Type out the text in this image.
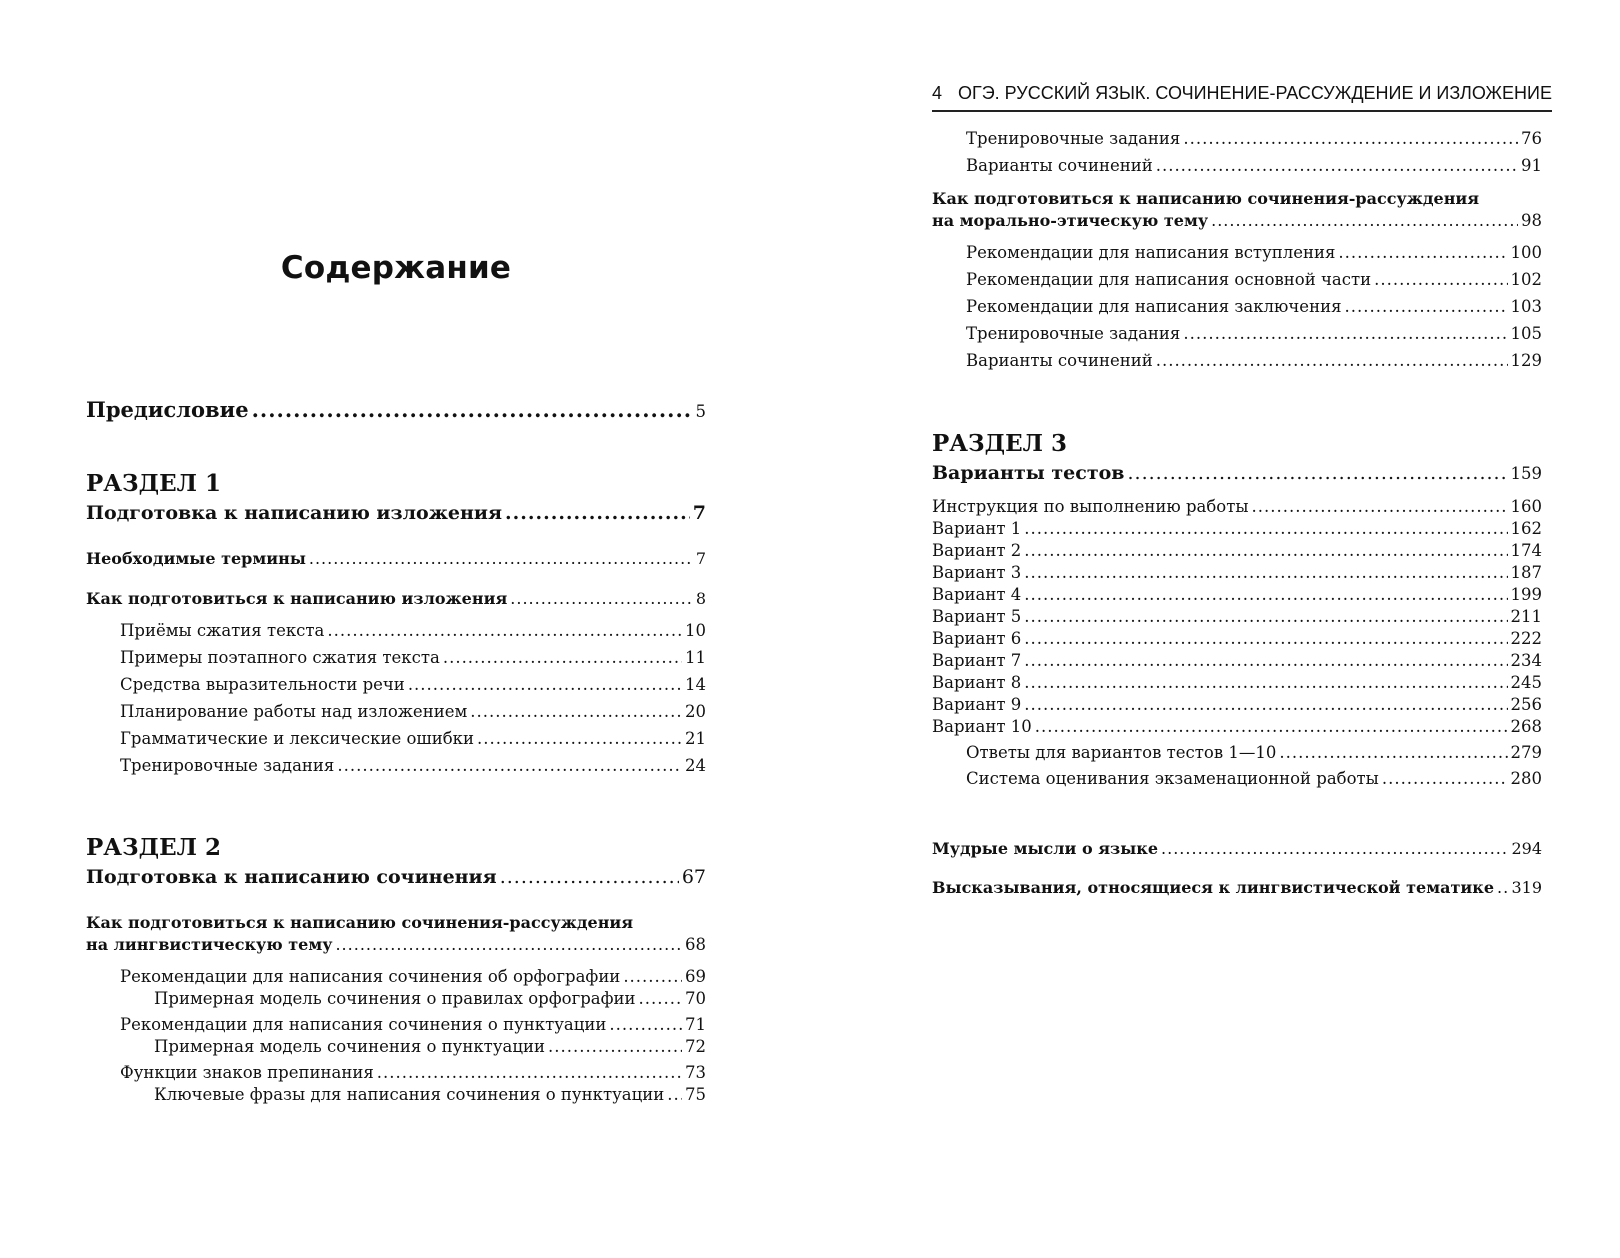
Содержание
Предисловие .....	5
РАЗДЕЛ 1
Подготовка к написанию изложения .....	7
Необходимые термины .....	7
Как подготовиться к написанию изложения .....	8
Приёмы сжатия текста .....	10
Примеры поэтапного сжатия текста .....	11
Средства выразительности речи .....	14
Планирование работы над изложением .....	20
Грамматические и лексические ошибки .....	21
Тренировочные задания .....	24
РАЗДЕЛ 2
Подготовка к написанию сочинения .....	67
Как подготовиться к написанию сочинения-рассуждения
на лингвистическую тему .....	68
Рекомендации для написания сочинения об орфографии .....	69
Примерная модель сочинения о правилах орфографии .....	70
Рекомендации для написания сочинения о пунктуации .....	71
Примерная модель сочинения о пунктуации .....	72
Функции знаков препинания .....	73
Ключевые фразы для написания сочинения о пунктуации ..... 75
4 ОГЭ. РУССКИЙ ЯЗЫК. СОЧИНЕНИЕ-РАССУЖДЕНИЕ И ИЗЛОЖЕНИЕ
Тренировочные задания .....	76
Варианты сочинений .....	91
Как подготовиться к написанию сочинения-рассуждения
на морально-этическую тему .....	98
Рекомендации для написания вступления .....	100
Рекомендации для написания основной части .....	102
Рекомендации для написания заключения .....	103
Тренировочные задания .....	105
Варианты сочинений .....	129
РАЗДЕЛ 3
Варианты тестов .....	159
Инструкция по выполнению работы .....	160
Вариант 1 .....	162
Вариант 2 .....	174
Вариант 3 .....	187
Вариант 4 .....	199
Вариант 5 .....	211
Вариант 6 .....	222
Вариант 7 .....	234
Вариант 8 .....	245
Вариант 9 .....	256
Вариант 10 .....	268
Ответы для вариантов тестов 1—10 .....	279
Система оценивания экзаменационной работы .....	280
Мудрые мысли о языке .....	294
Высказывания, относящиеся к лингвистической тематике ..... 319
